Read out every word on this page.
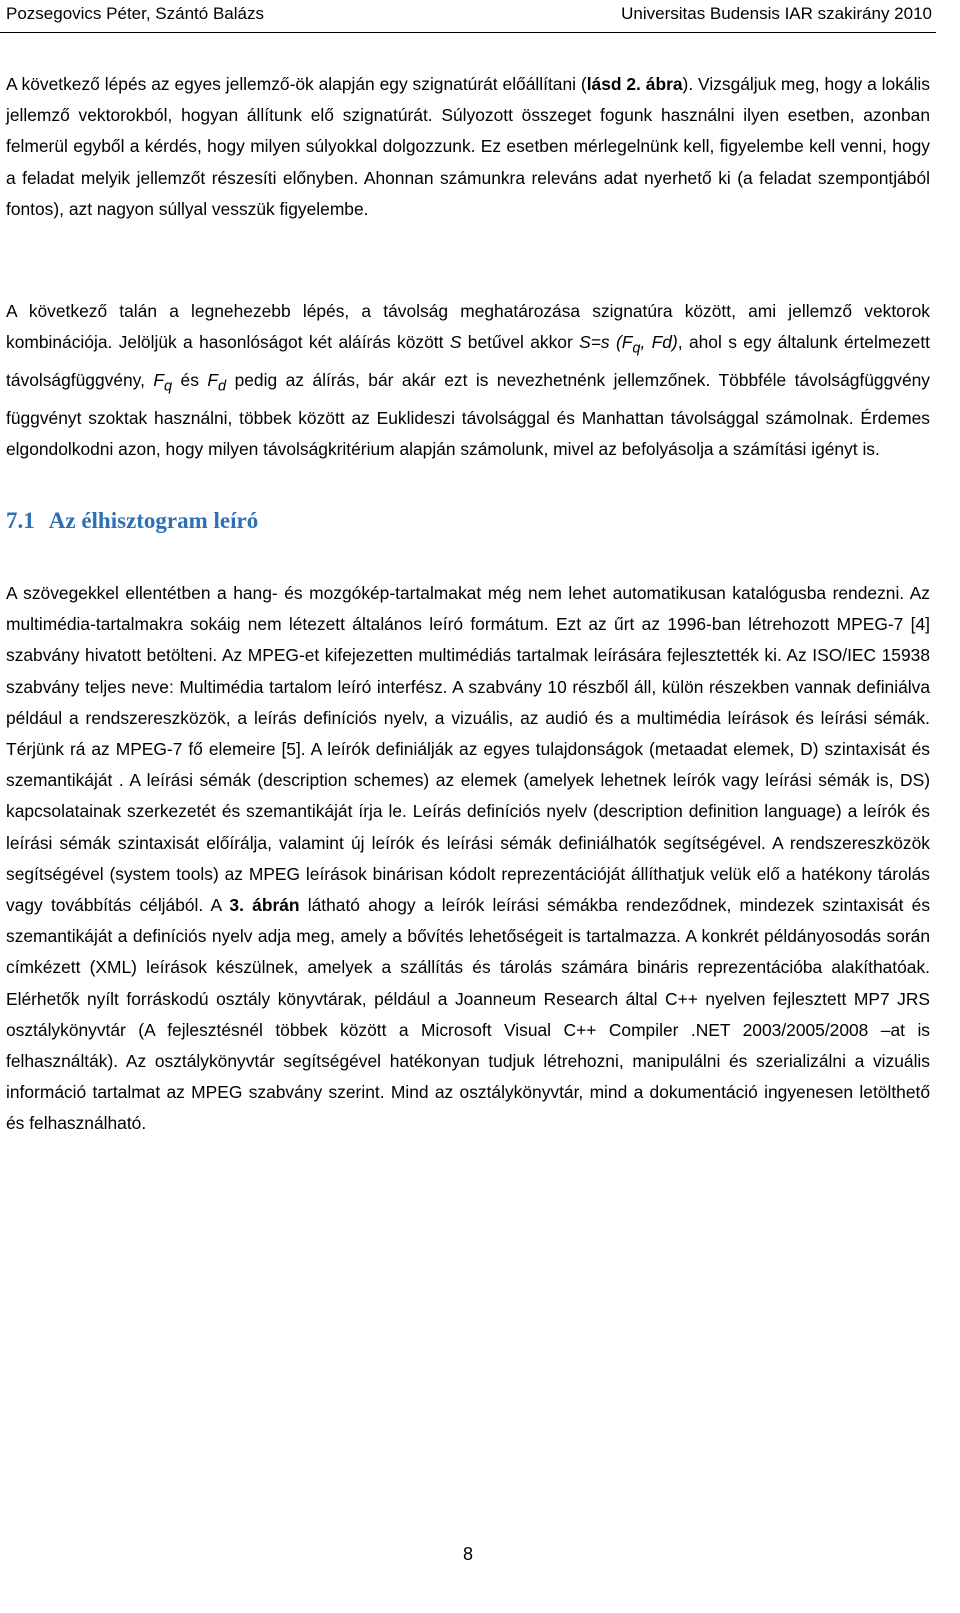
Pozsegovics Péter, Szántó Balázs	Universitas Budensis IAR szakirány 2010

A következő lépés az egyes jellemző-ök alapján egy szignatúrát előállítani (lásd 2. ábra). Vizsgáljuk meg, hogy a lokális jellemző vektorokból, hogyan állítunk elő szignatúrát. Súlyozott összeget fogunk használni ilyen esetben, azonban felmerül egyből a kérdés, hogy milyen súlyokkal dolgozzunk. Ez esetben mérlegelnünk kell, figyelembe kell venni, hogy a feladat melyik jellemzőt részesíti előnyben. Ahonnan számunkra releváns adat nyerhető ki (a feladat szempontjából fontos), azt nagyon súllyal vesszük figyelembe.

A következő talán a legnehezebb lépés, a távolság meghatározása szignatúra között, ami jellemző vektorok kombinációja. Jelöljük a hasonlóságot két aláírás között S betűvel akkor S=s ($F_q$, Fd), ahol s egy általunk értelmezett távolságfüggvény, $F_q$ és $F_d$ pedig az álírás, bár akár ezt is nevezhetnénk jellemzőnek. Többféle távolságfüggvény függvényt szoktak használni, többek között az Euklideszi távolsággal és Manhattan távolsággal számolnak. Érdemes elgondolkodni azon, hogy milyen távolságkritérium alapján számolunk, mivel az befolyásolja a számítási igényt is.

7.1 Az élhisztogram leíró

A szövegekkel ellentétben a hang- és mozgókép-tartalmakat még nem lehet automatikusan katalógusba rendezni. Az multimédia-tartalmakra sokáig nem létezett általános leíró formátum. Ezt az űrt az 1996-ban létrehozott MPEG-7 [4] szabvány hivatott betölteni. Az MPEG-et kifejezetten multimédiás tartalmak leírására fejlesztették ki. Az ISO/IEC 15938 szabvány teljes neve: Multimédia tartalom leíró interfész. A szabvány 10 részből áll, külön részekben vannak definiálva például a rendszereszközök, a leírás definíciós nyelv, a vizuális, az audió és a multimédia leírások és leírási sémák. Térjünk rá az MPEG-7 fő elemeire [5]. A leírók definiálják az egyes tulajdonságok (metaadat elemek, D) szintaxisát és szemantikáját . A leírási sémák (description schemes) az elemek (amelyek lehetnek leírók vagy leírási sémák is, DS) kapcsolatainak szerkezetét és szemantikáját írja le. Leírás definíciós nyelv (description definition language) a leírók és leírási sémák szintaxisát előírálja, valamint új leírók és leírási sémák definiálhatók segítségével. A rendszereszközök segítségével (system tools) az MPEG leírások binárisan kódolt reprezentációját állíthatjuk velük elő a hatékony tárolás vagy továbbítás céljából. A 3. ábrán látható ahogy a leírók leírási sémákba rendeződnek, mindezek szintaxisát és szemantikáját a definíciós nyelv adja meg, amely a bővítés lehetőségeit is tartalmazza. A konkrét példányosodás során címkézett (XML) leírások készülnek, amelyek a szállítás és tárolás számára bináris reprezentációba alakíthatóak. Elérhetők nyílt forráskodú osztály könyvtárak, például a Joanneum Research által C++ nyelven fejlesztett MP7 JRS osztálykönyvtár (A fejlesztésnél többek között a Microsoft Visual C++ Compiler .NET 2003/2005/2008 –at is felhasználták). Az osztálykönyvtár segítségével hatékonyan tudjuk létrehozni, manipulálni és szerializálni a vizuális információ tartalmat az MPEG szabvány szerint. Mind az osztálykönyvtár, mind a dokumentáció ingyenesen letölthető és felhasználható.

8
